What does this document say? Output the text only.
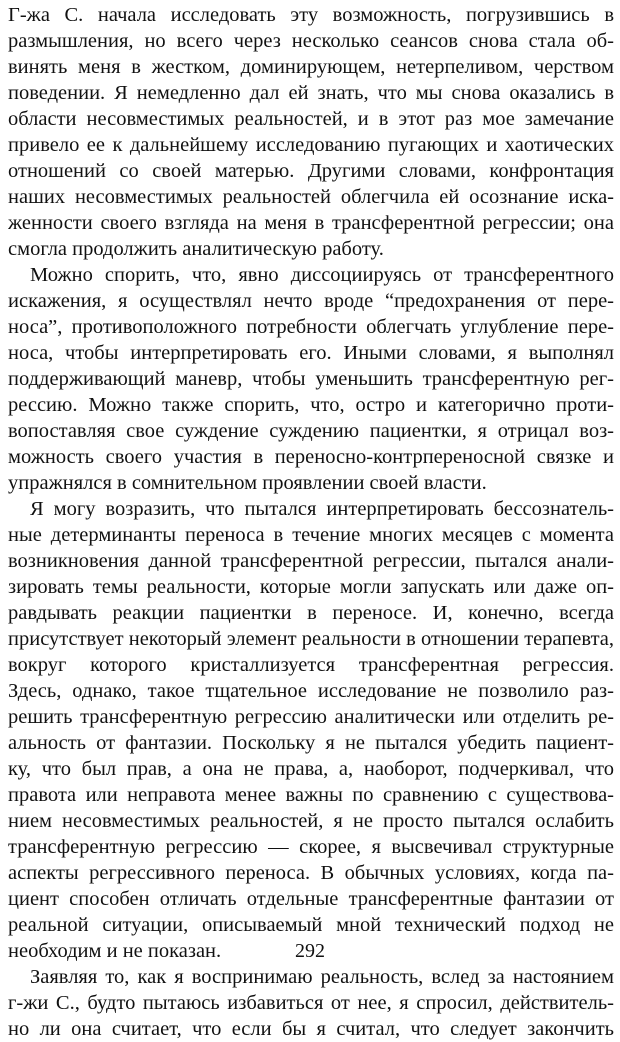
Г-жа С. начала исследовать эту возможность, погрузившись в
размышления, но всего через несколько сеансов снова стала об-
винять меня в жестком, доминирующем, нетерпеливом, черством
поведении. Я немедленно дал ей знать, что мы снова оказались в
области несовместимых реальностей, и в этот раз мое замечание
привело ее к дальнейшему исследованию пугающих и хаотических
отношений со своей матерью. Другими словами, конфронтация
наших несовместимых реальностей облегчила ей осознание иска-
женности своего взгляда на меня в трансферентной регрессии; она
смогла продолжить аналитическую работу.
Можно спорить, что, явно диссоциируясь от трансферентного
искажения, я осуществлял нечто вроде “предохранения от пере-
носа”, противоположного потребности облегчать углубление пере-
носа, чтобы интерпретировать его. Иными словами, я выполнял
поддерживающий маневр, чтобы уменьшить трансферентную рег-
рессию. Можно также спорить, что, остро и категорично проти-
вопоставляя свое суждение суждению пациентки, я отрицал воз-
можность своего участия в переносно-контрпереносной связке и
упражнялся в сомнительном проявлении своей власти.
Я могу возразить, что пытался интерпретировать бессознатель-
ные детерминанты переноса в течение многих месяцев с момента
возникновения данной трансферентной регрессии, пытался анали-
зировать темы реальности, которые могли запускать или даже оп-
равдывать реакции пациентки в переносе. И, конечно, всегда
присутствует некоторый элемент реальности в отношении терапевта,
вокруг которого кристаллизуется трансферентная регрессия.
Здесь, однако, такое тщательное исследование не позволило раз-
решить трансферентную регрессию аналитически или отделить ре-
альность от фантазии. Поскольку я не пытался убедить пациент-
ку, что был прав, а она не права, а, наоборот, подчеркивал, что
правота или неправота менее важны по сравнению с существова-
нием несовместимых реальностей, я не просто пытался ослабить
трансферентную регрессию — скорее, я высвечивал структурные
аспекты регрессивного переноса. В обычных условиях, когда па-
циент способен отличать отдельные трансферентные фантазии от
реальной ситуации, описываемый мной технический подход не
необходим и не показан.
Заявляя то, как я воспринимаю реальность, вслед за настоянием
г-жи С., будто пытаюсь избавиться от нее, я спросил, действитель-
но ли она считает, что если бы я считал, что следует закончить
292
